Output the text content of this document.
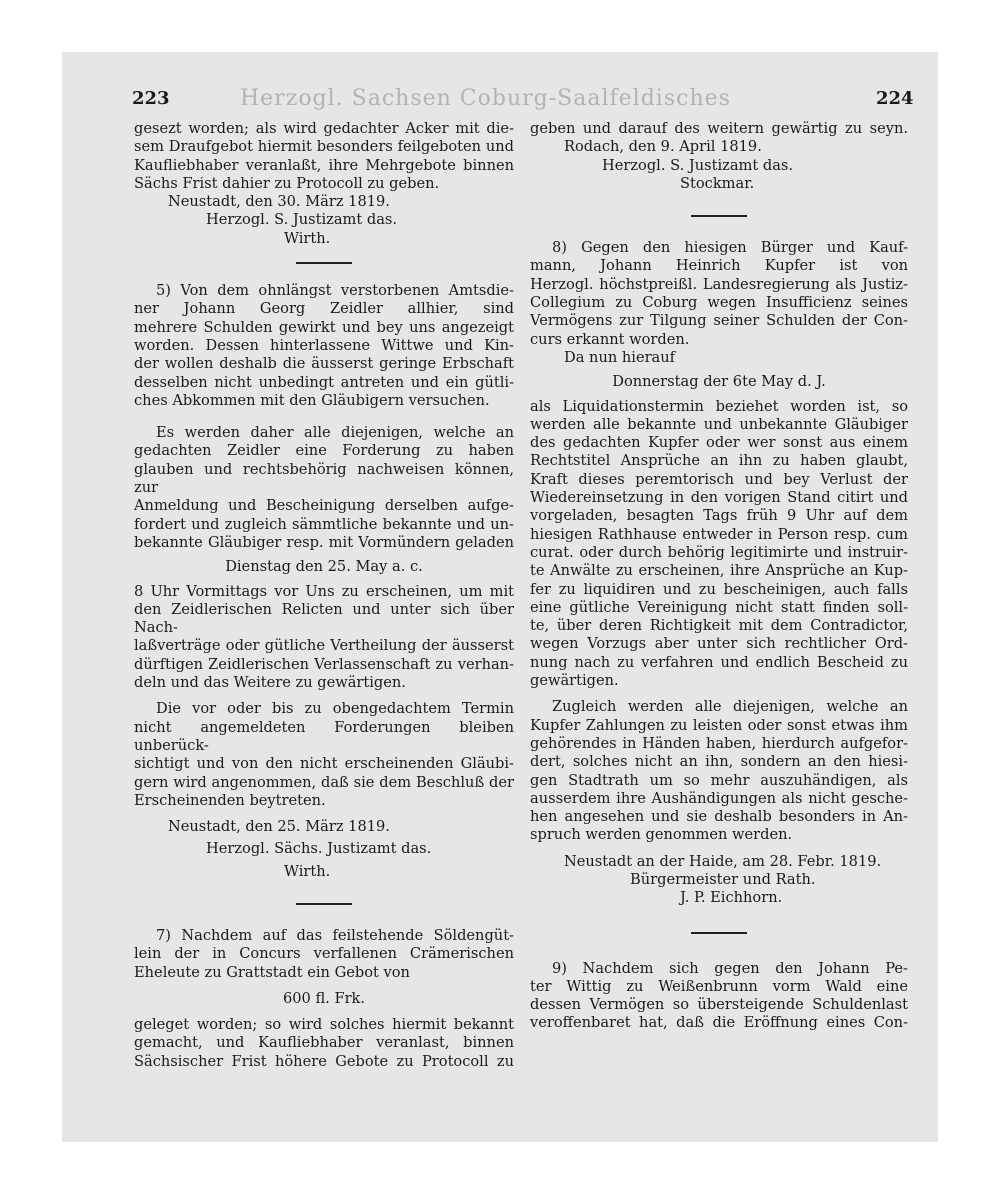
Herzogl. Sachsen Coburg-Saalfeldisches
223	224

gesezt worden; als wird gedachter Acker mit die-

sem Draufgebot hiermit besonders feilgeboten und

Kaufliebhaber veranlaßt, ihre Mehrgebote binnen

Sächs Frist dahier zu Protocoll zu geben.

Neustadt, den 30. März 1819.

Herzogl. S. Justizamt das.

Wirth.

5) Von dem ohnlängst verstorbenen Amtsdie-

ner Johann Georg Zeidler allhier, sind

mehrere Schulden gewirkt und bey uns angezeigt

worden. Dessen hinterlassene Wittwe und Kin-

der wollen deshalb die äusserst geringe Erbschaft

desselben nicht unbedingt antreten und ein gütli-

ches Abkommen mit den Gläubigern versuchen.

Es werden daher alle diejenigen, welche an

gedachten Zeidler eine Forderung zu haben

glauben und rechtsbehörig nachweisen können, zur

Anmeldung und Bescheinigung derselben aufge-

fordert und zugleich sämmtliche bekannte und un-

bekannte Gläubiger resp. mit Vormündern geladen

Dienstag den 25. May a. c.

8 Uhr Vormittags vor Uns zu erscheinen, um mit

den Zeidlerischen Relicten und unter sich über Nach-

laßverträge oder gütliche Vertheilung der äusserst

dürftigen Zeidlerischen Verlassenschaft zu verhan-

deln und das Weitere zu gewärtigen.

Die vor oder bis zu obengedachtem Termin

nicht angemeldeten Forderungen bleiben unberück-

sichtigt und von den nicht erscheinenden Gläubi-

gern wird angenommen, daß sie dem Beschluß der

Erscheinenden beytreten.

Neustadt, den 25. März 1819.

Herzogl. Sächs. Justizamt das.

Wirth.

7) Nachdem auf das feilstehende Söldengüt-

lein der in Concurs verfallenen Crämerischen

Eheleute zu Grattstadt ein Gebot von

600 fl. Frk.

geleget worden; so wird solches hiermit bekannt

gemacht, und Kaufliebhaber veranlast, binnen

Sächsischer Frist höhere Gebote zu Protocoll zu

geben und darauf des weitern gewärtig zu seyn.

Rodach, den 9. April 1819.

Herzogl. S. Justizamt das.

Stockmar.

8) Gegen den hiesigen Bürger und Kauf-

mann, Johann Heinrich Kupfer ist von

Herzogl. höchstpreißl. Landesregierung als Justiz-

Collegium zu Coburg wegen Insufficienz seines

Vermögens zur Tilgung seiner Schulden der Con-

curs erkannt worden.

Da nun hierauf

Donnerstag der 6te May d. J.

als Liquidationstermin beziehet worden ist, so

werden alle bekannte und unbekannte Gläubiger

des gedachten Kupfer oder wer sonst aus einem

Rechtstitel Ansprüche an ihn zu haben glaubt,

Kraft dieses peremtorisch und bey Verlust der

Wiedereinsetzung in den vorigen Stand citirt und

vorgeladen, besagten Tags früh 9 Uhr auf dem

hiesigen Rathhause entweder in Person resp. cum

curat. oder durch behörig legitimirte und instruir-

te Anwälte zu erscheinen, ihre Ansprüche an Kup-

fer zu liquidiren und zu bescheinigen, auch falls

eine gütliche Vereinigung nicht statt finden soll-

te, über deren Richtigkeit mit dem Contradictor,

wegen Vorzugs aber unter sich rechtlicher Ord-

nung nach zu verfahren und endlich Bescheid zu

gewärtigen.

Zugleich werden alle diejenigen, welche an

Kupfer Zahlungen zu leisten oder sonst etwas ihm

gehörendes in Händen haben, hierdurch aufgefor-

dert, solches nicht an ihn, sondern an den hiesi-

gen Stadtrath um so mehr auszuhändigen, als

ausserdem ihre Aushändigungen als nicht gesche-

hen angesehen und sie deshalb besonders in An-

spruch werden genommen werden.

Neustadt an der Haide, am 28. Febr. 1819.

Bürgermeister und Rath.

J. P. Eichhorn.

9) Nachdem sich gegen den Johann Pe-

ter Wittig zu Weißenbrunn vorm Wald eine

dessen Vermögen so übersteigende Schuldenlast

veroffenbaret hat, daß die Eröffnung eines Con-
